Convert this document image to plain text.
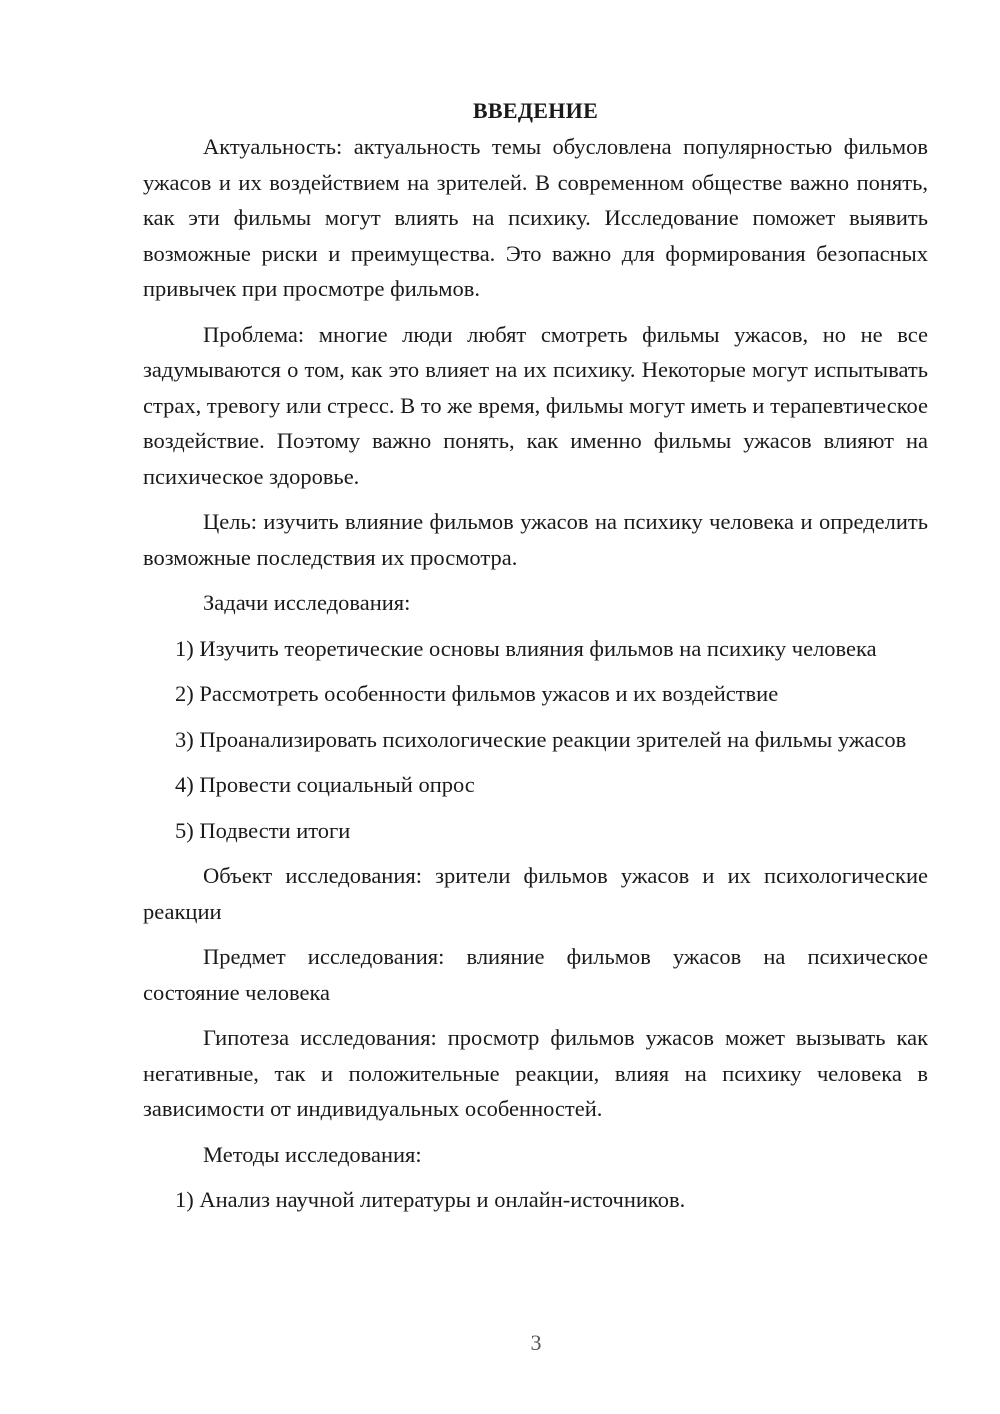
ВВЕДЕНИЕ

Актуальность: актуальность темы обусловлена популярностью фильмов ужасов и их воздействием на зрителей. В современном обществе важно понять, как эти фильмы могут влиять на психику. Исследование поможет выявить возможные риски и преимущества. Это важно для формирования безопасных привычек при просмотре фильмов.

Проблема: многие люди любят смотреть фильмы ужасов, но не все задумываются о том, как это влияет на их психику. Некоторые могут испытывать страх, тревогу или стресс. В то же время, фильмы могут иметь и терапевтическое воздействие. Поэтому важно понять, как именно фильмы ужасов влияют на психическое здоровье.

Цель: изучить влияние фильмов ужасов на психику человека и определить возможные последствия их просмотра.

Задачи исследования:

1) Изучить теоретические основы влияния фильмов на психику человека

2) Рассмотреть особенности фильмов ужасов и их воздействие

3) Проанализировать психологические реакции зрителей на фильмы ужасов

4) Провести социальный опрос

5) Подвести итоги

Объект исследования: зрители фильмов ужасов и их психологические реакции

Предмет исследования: влияние фильмов ужасов на психическое состояние человека

Гипотеза исследования: просмотр фильмов ужасов может вызывать как негативные, так и положительные реакции, влияя на психику человека в зависимости от индивидуальных особенностей.

Методы исследования:

1) Анализ научной литературы и онлайн-источников.

3
